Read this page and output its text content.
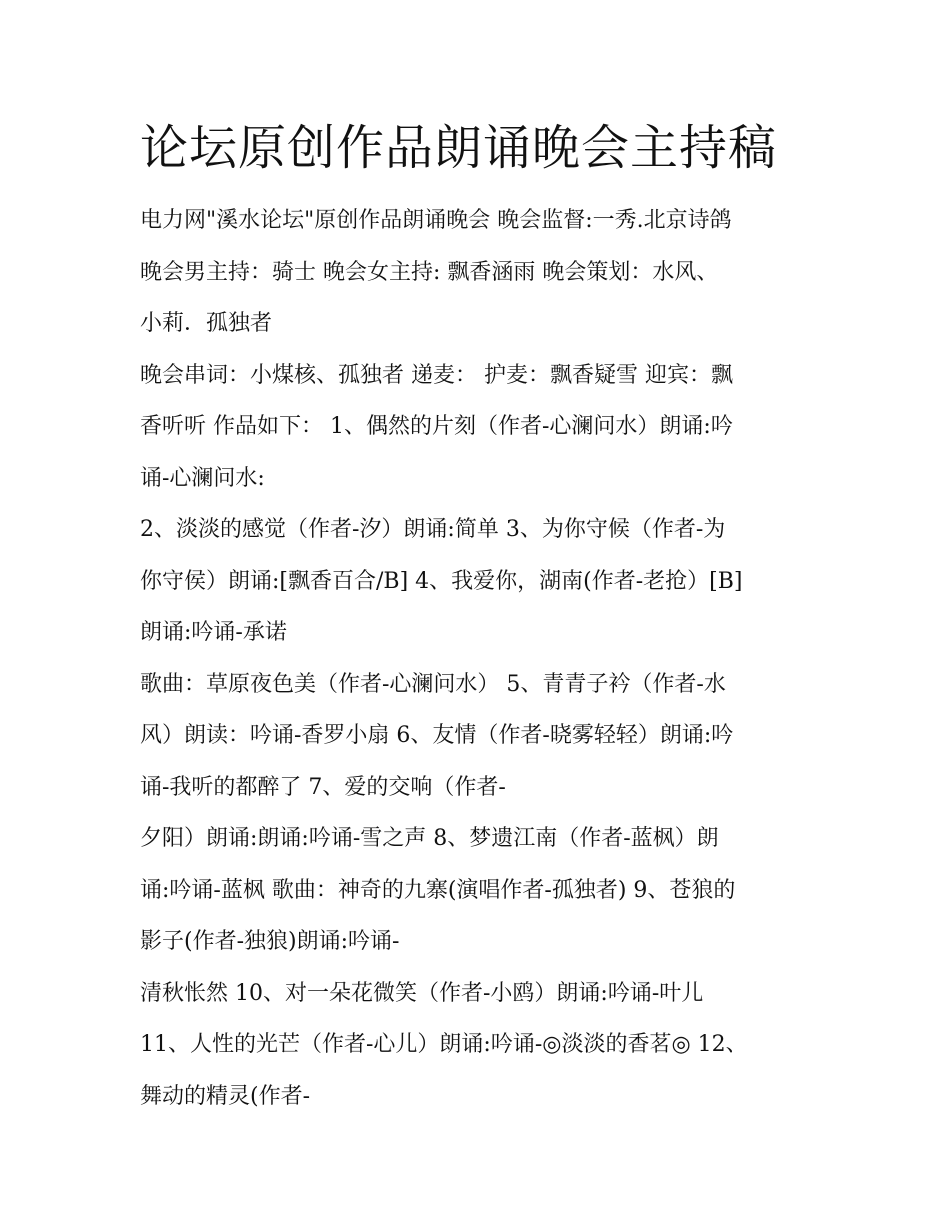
论坛原创作品朗诵晚会主持稿
电力网"溪水论坛"原创作品朗诵晚会 晚会监督:一秀.北京诗鸽
晚会男主持：骑士 晚会女主持: 飘香涵雨 晚会策划：水风、
小莉．孤独者
晚会串词：小煤核、孤独者 递麦： 护麦：飘香疑雪 迎宾：飘
香听听 作品如下： 1、偶然的片刻（作者-心澜问水）朗诵:吟
诵-心澜问水:
2、淡淡的感觉（作者-汐）朗诵:简单 3、为你守候（作者-为
你守侯）朗诵:[飘香百合/B] 4、我爱你，湖南(作者-老抢）[B]
朗诵:吟诵-承诺
歌曲：草原夜色美（作者-心澜问水） 5、青青子衿（作者-水
风）朗读：吟诵-香罗小扇 6、友情（作者-晓雾轻轻）朗诵:吟
诵-我听的都醉了 7、爱的交响（作者-
夕阳）朗诵:朗诵:吟诵-雪之声 8、梦遗江南（作者-蓝枫）朗
诵:吟诵-蓝枫 歌曲：神奇的九寨(演唱作者-孤独者) 9、苍狼的
影子(作者-独狼)朗诵:吟诵-
清秋怅然 10、对一朵花微笑（作者-小鸥）朗诵:吟诵-叶儿
11、人性的光芒（作者-心儿）朗诵:吟诵-◎淡淡的香茗◎ 12、
舞动的精灵(作者-
